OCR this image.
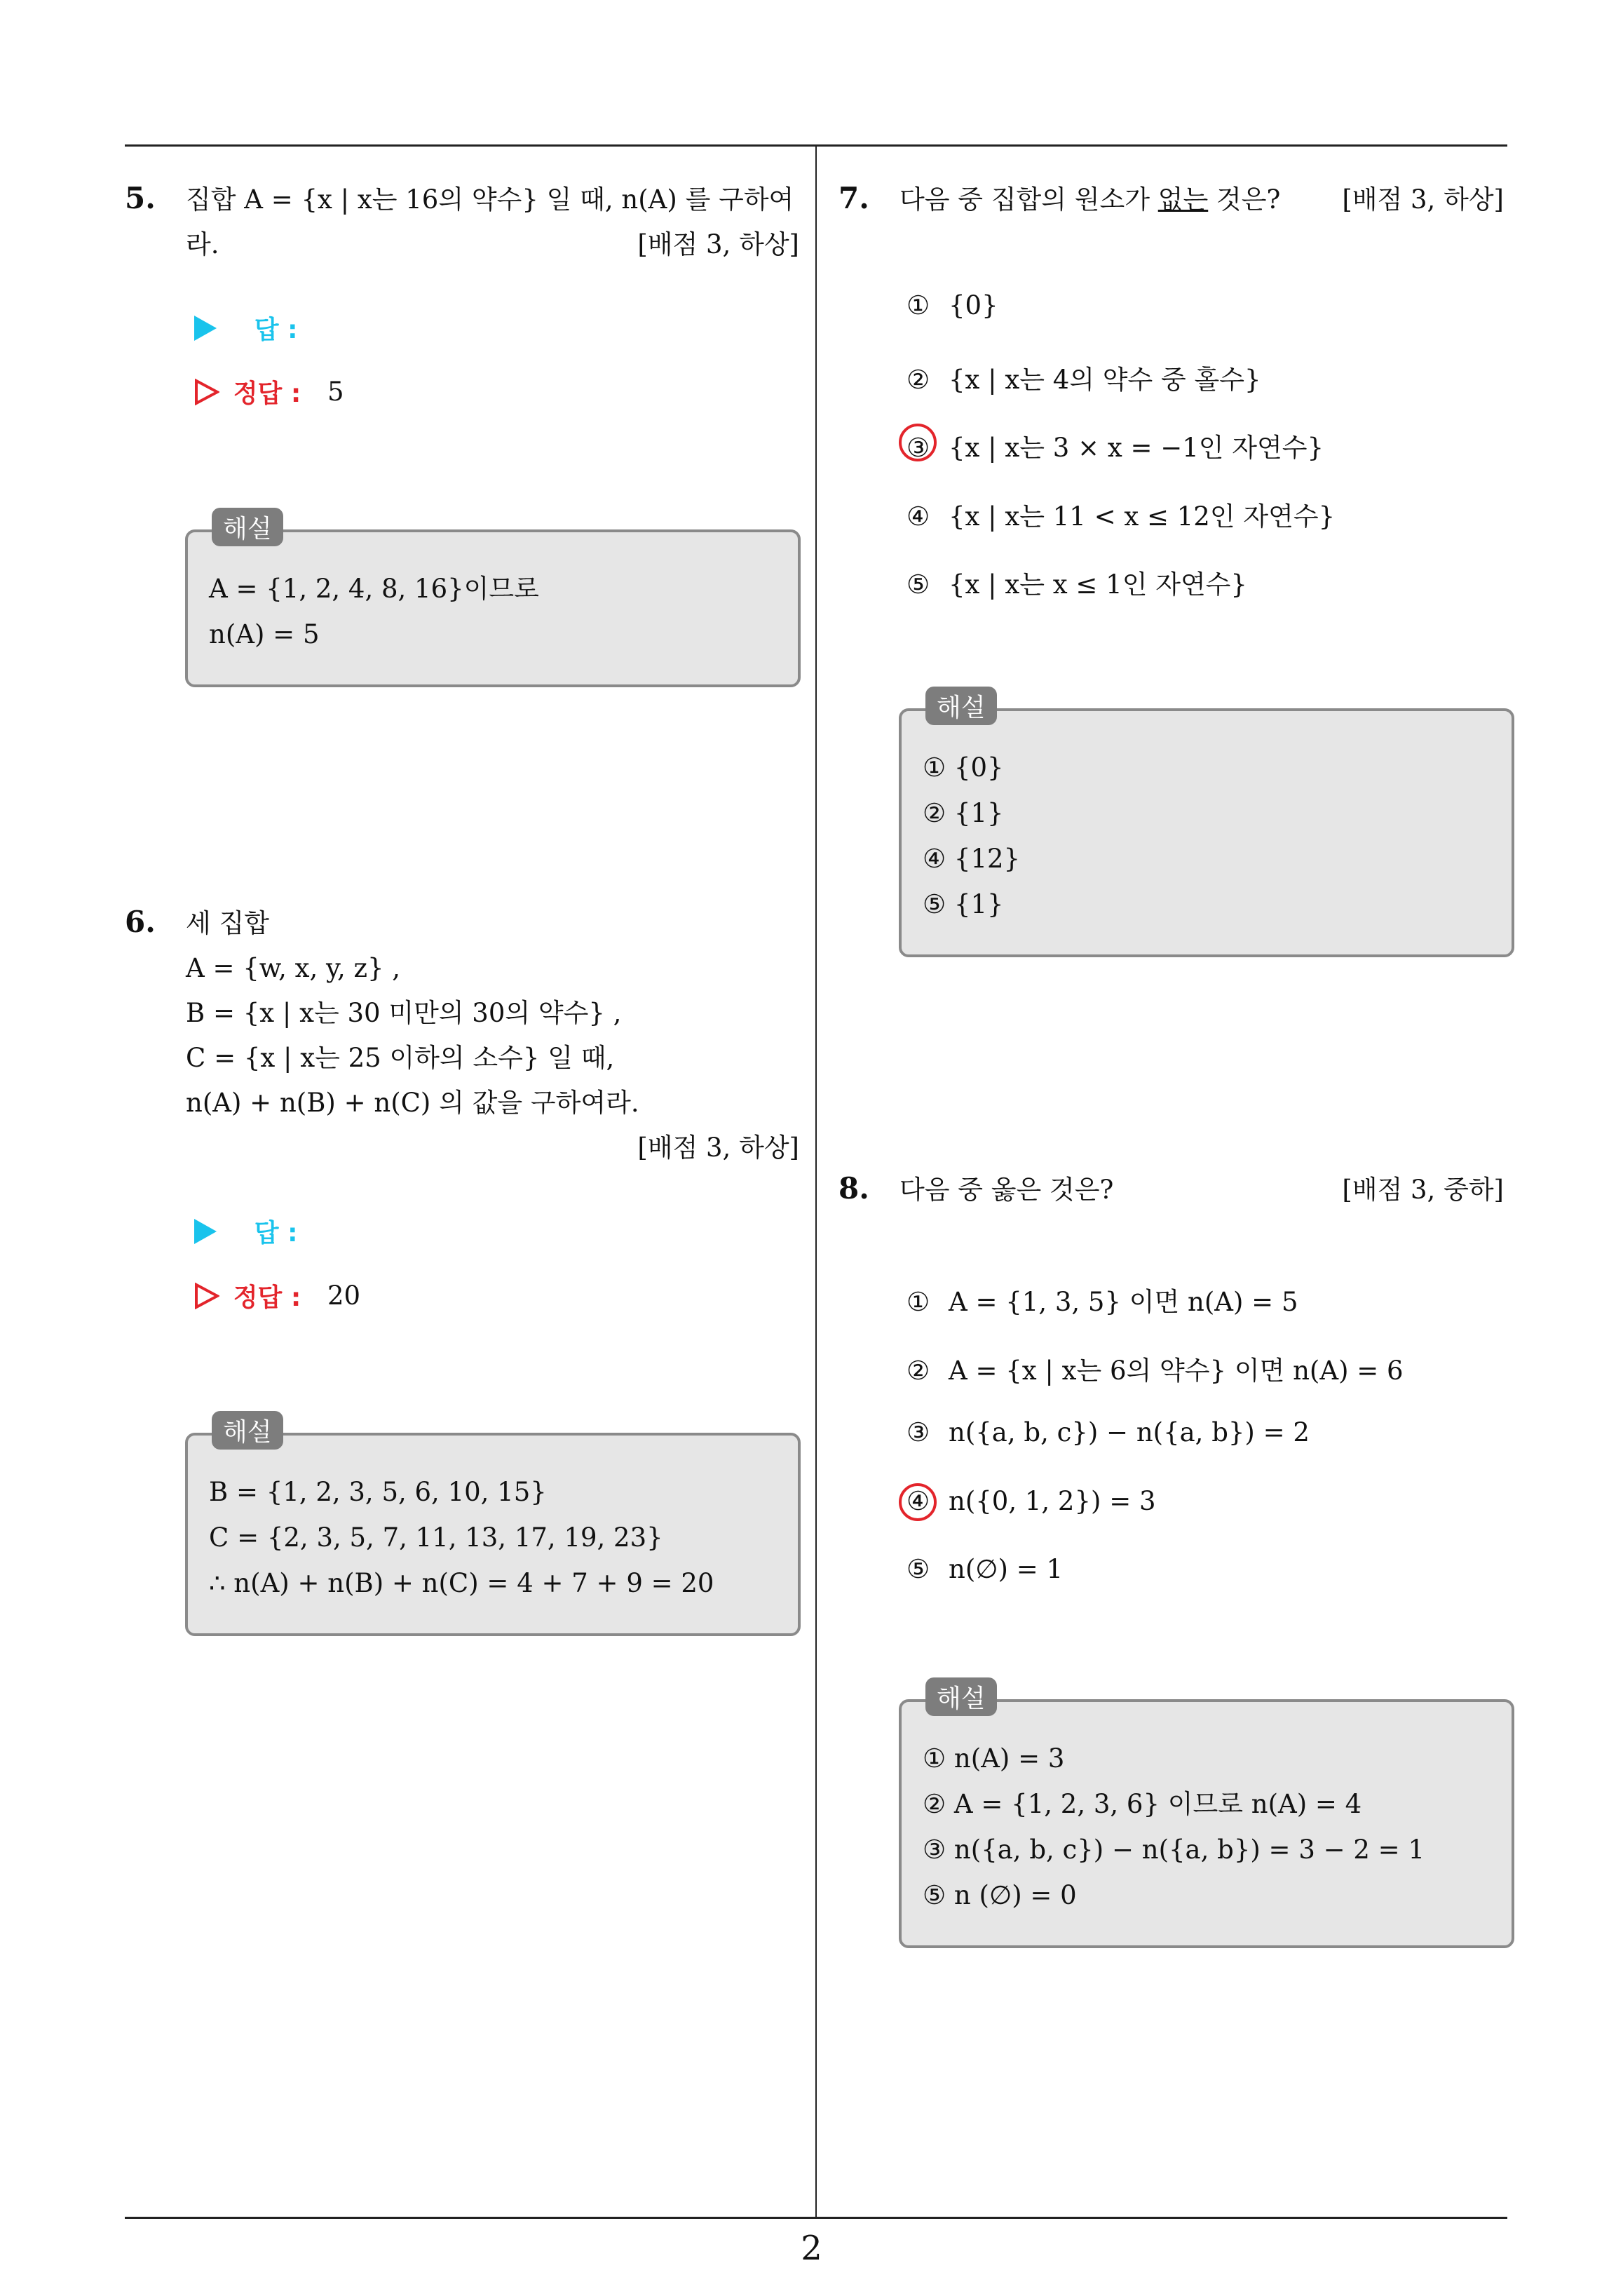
5. 집합 A = {x | x는 16의 약수} 일 때, n(A) 를 구하여
라.	[배점 3, 하상]
답 :
정답 : 5
A = {1, 2, 4, 8, 16}이므로
n(A) = 5
해설
6. 세 집합
A = {w, x, y, z} ,
B = {x | x는 30 미만의 30의 약수} ,
C = {x | x는 25 이하의 소수} 일 때,
n(A) + n(B) + n(C) 의 값을 구하여라.
[배점 3, 하상]
답 :
정답 : 20
B = {1, 2, 3, 5, 6, 10, 15}
C = {2, 3, 5, 7, 11, 13, 17, 19, 23}
∴ n(A) + n(B) + n(C) = 4 + 7 + 9 = 20
해설
7. 다음 중 집합의 원소가 없는 것은? [배점 3, 하상]
① {0}
② {x | x는 4의 약수 중 홀수}
③ {x | x는 3 × x = −1인 자연수}
④ {x | x는 11 < x ≤ 12인 자연수}
⑤ {x | x는 x ≤ 1인 자연수}
① {0}
② {1}
④ {12}
⑤ {1}
해설
8. 다음 중 옳은 것은?	[배점 3, 중하]
① A = {1, 3, 5} 이면 n(A) = 5
② A = {x | x는 6의 약수} 이면 n(A) = 6
③ n({a, b, c}) − n({a, b}) = 2
④ n({0, 1, 2}) = 3
⑤ n(∅) = 1
① n(A) = 3
② A = {1, 2, 3, 6} 이므로 n(A) = 4
③ n({a, b, c}) − n({a, b}) = 3 − 2 = 1
⑤ n (∅) = 0
해설
2
